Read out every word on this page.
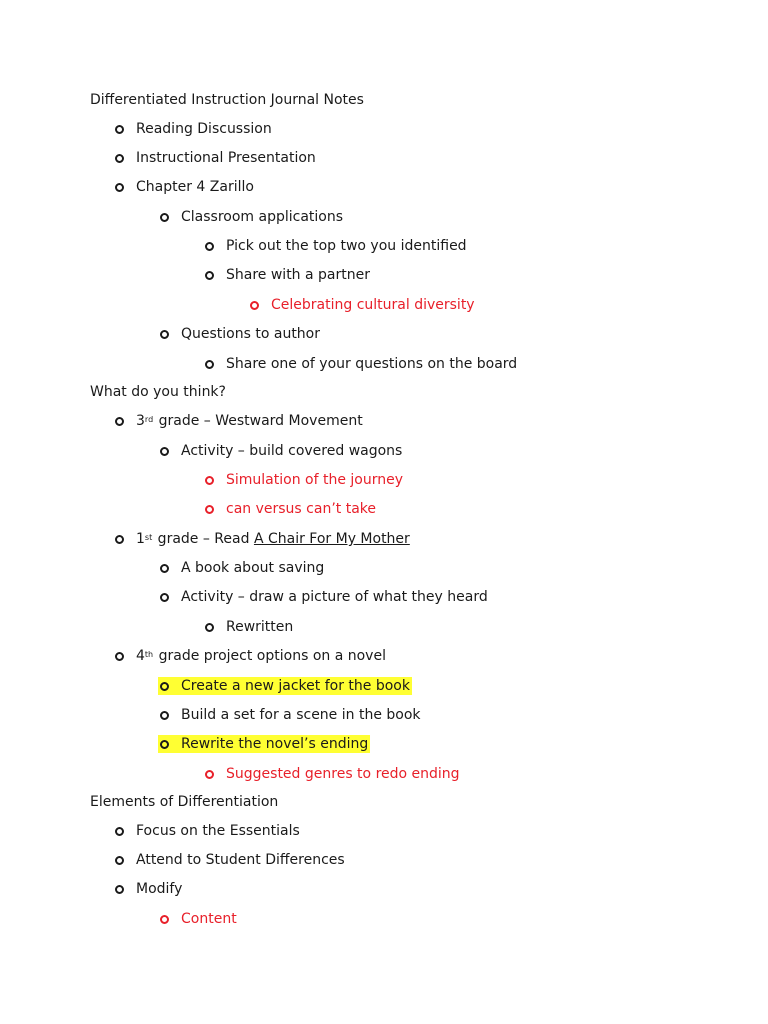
Differentiated Instruction Journal Notes
Reading Discussion
Instructional Presentation
Chapter 4 Zarillo
Classroom applications
Pick out the top two you identified
Share with a partner
Celebrating cultural diversity
Questions to author
Share one of your questions on the board
What do you think?
3rd grade – Westward Movement
Activity – build covered wagons
Simulation of the journey
can versus can’t take
1st grade – Read A Chair For My Mother
A book about saving
Activity – draw a picture of what they heard
Rewritten
4th grade project options on a novel
Create a new jacket for the book
Build a set for a scene in the book
Rewrite the novel’s ending
Suggested genres to redo ending
Elements of Differentiation
Focus on the Essentials
Attend to Student Differences
Modify
Content
